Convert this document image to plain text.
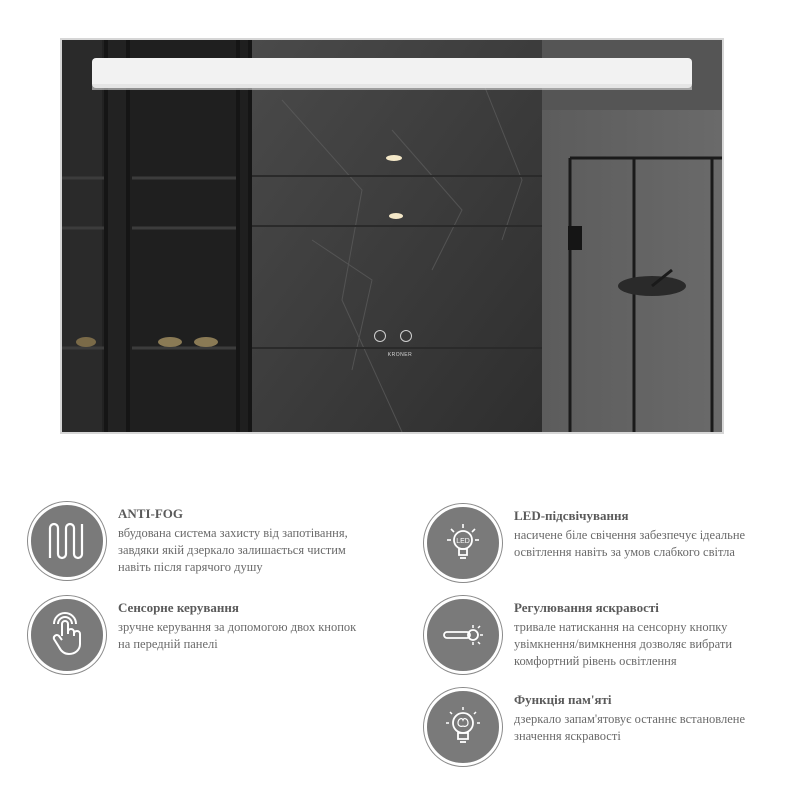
KRONER
ANTI-FOG
вбудована система захисту від запотівання,
завдяки якій дзеркало залишається чистим
навіть після гарячого душу
Сенсорне керування
зручне керування за допомогою двох кнопок
на передній панелі
LED
LED-підсвічування
насичене біле свічення забезпечує ідеальне
освітлення навіть за умов слабкого світла
Регулювання яскравості
тривале натискання на сенсорну кнопку
увімкнення/вимкнення дозволяє вибрати
комфортний рівень освітлення
Функція пам'яті
дзеркало запам'ятовує останнє встановлене
значення яскравості
